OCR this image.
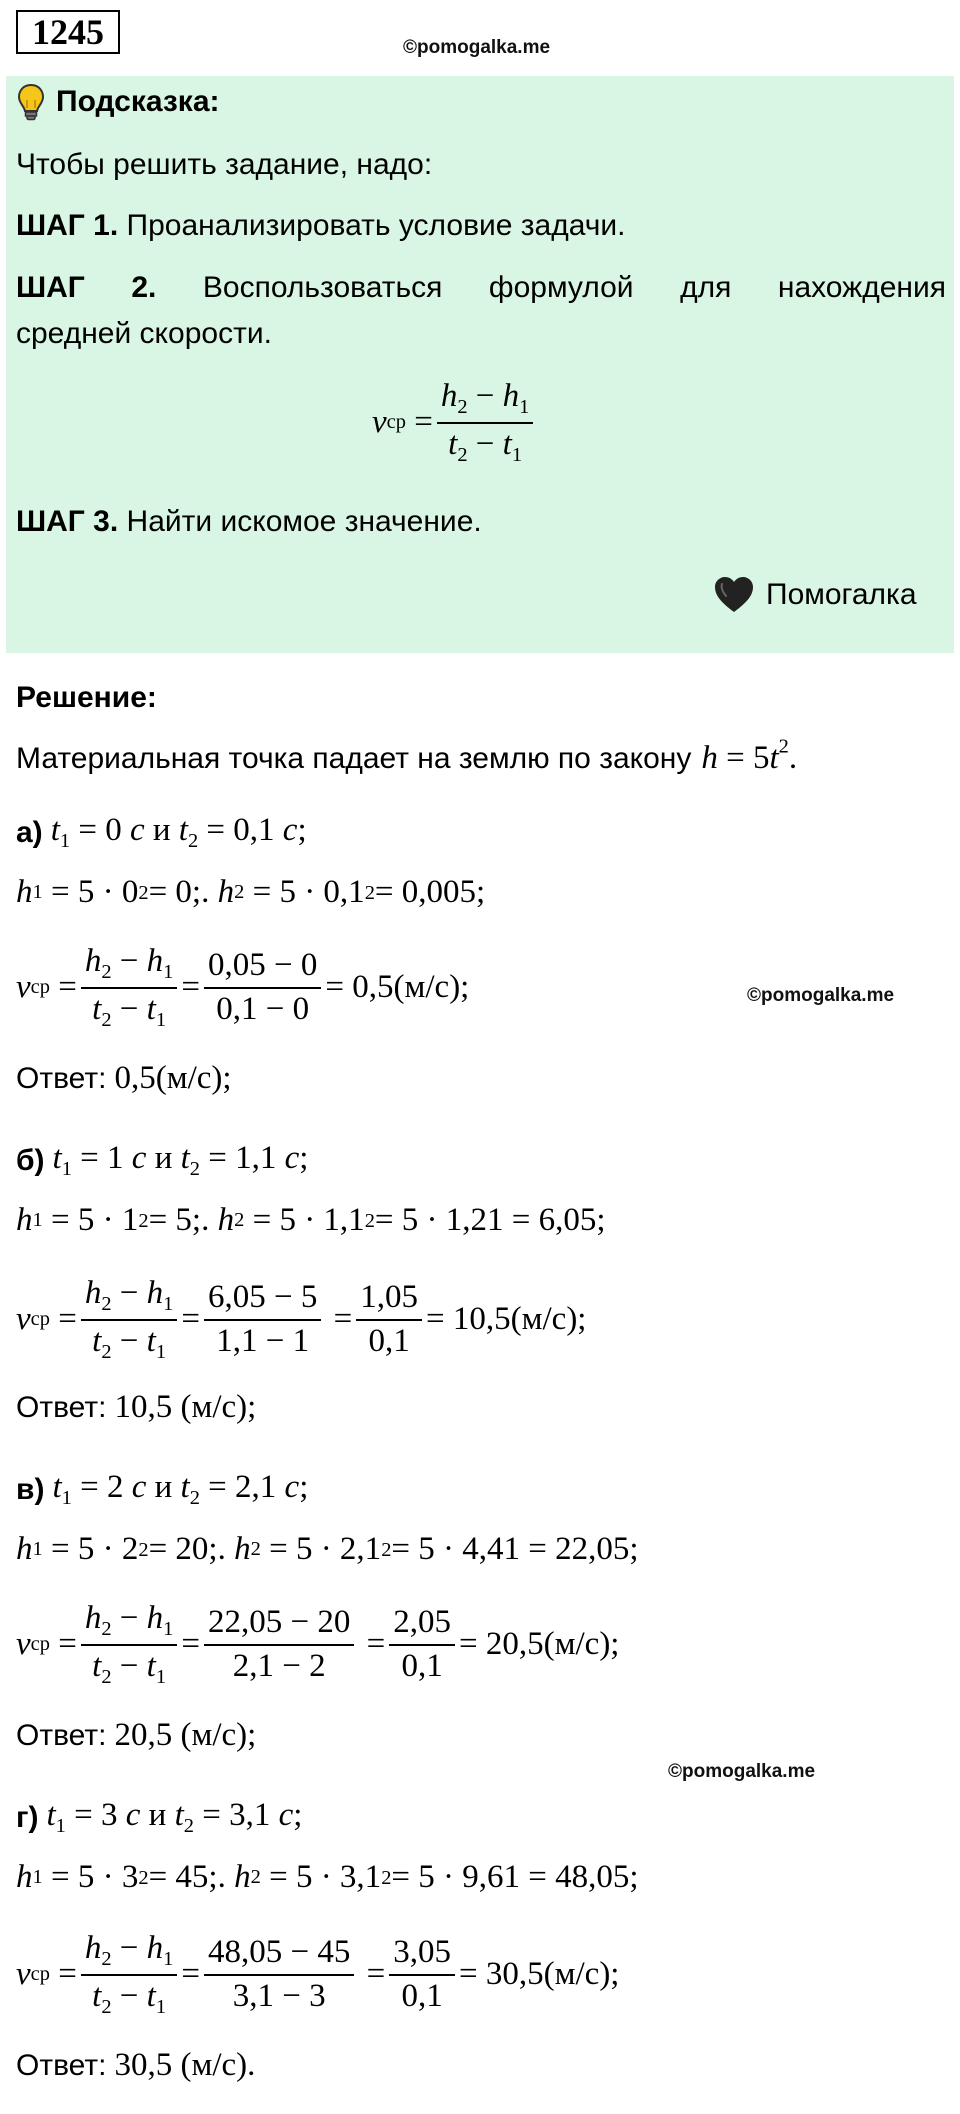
1245	©pomogalka.me
Подсказка:
Чтобы решить задание, надо:
ШАГ 1. Проанализировать условие задачи.
ШАГ 2. Воспользоваться формулой для нахождения
средней скорости.
v ср = $\frac{h_2 - h_1}{t_2 - t_1}$
ШАГ 3. Найти искомое значение.
Помогалка
Решение:
Материальная точка падает на землю по закону $h = 5t^2$.
а) $t_1 = 0$ с и $t_2 = 0,1$ с;
h 1 = 5 · 0 2 = 0;.
h 2 = 5 · 0,1 2 = 0,005;
v ср = $\frac{h_2 - h_1}{t_2 - t_1} = \frac{0,05 - 0}{0,1 - 0} = 0,5(м/с)$;
Ответ: 0,5(м/с);
б) $t_1 = 1$ с и $t_2 = 1,1$ с;
h 1 = 5 · 1 2 = 5;.
h 2 = 5 · 1,1 2 = 5 · 1,21 = 6,05;
v ср = $\frac{h_2 - h_1}{t_2 - t_1} = \frac{6,05 - 5}{1,1 - 1} = \frac{1,05}{0,1} = 10,5(м/с)$;
Ответ: 10,5 (м/с);
в) $t_1 = 2$ с и $t_2 = 2,1$ с;
h 1 = 5 · 2 2 = 20;.
h 2 = 5 · 2,1 2 = 5 · 4,41 = 22,05;
v ср = $\frac{h_2 - h_1}{t_2 - t_1} = \frac{22,05 - 20}{2,1 - 2} = \frac{2,05}{0,1} = 20,5(м/с)$;
Ответ: 20,5 (м/с);
г) $t_1 = 3$ с и $t_2 = 3,1$ с;
h 1 = 5 · 3 2 = 45;.
h 2 = 5 · 3,1 2 = 5 · 9,61 = 48,05;
v ср = $\frac{h_2 - h_1}{t_2 - t_1} = \frac{48,05 - 45}{3,1 - 3} = \frac{3,05}{0,1} = 30,5(м/с)$;
Ответ: 30,5 (м/с).
©pomogalka.me
©pomogalka.me
